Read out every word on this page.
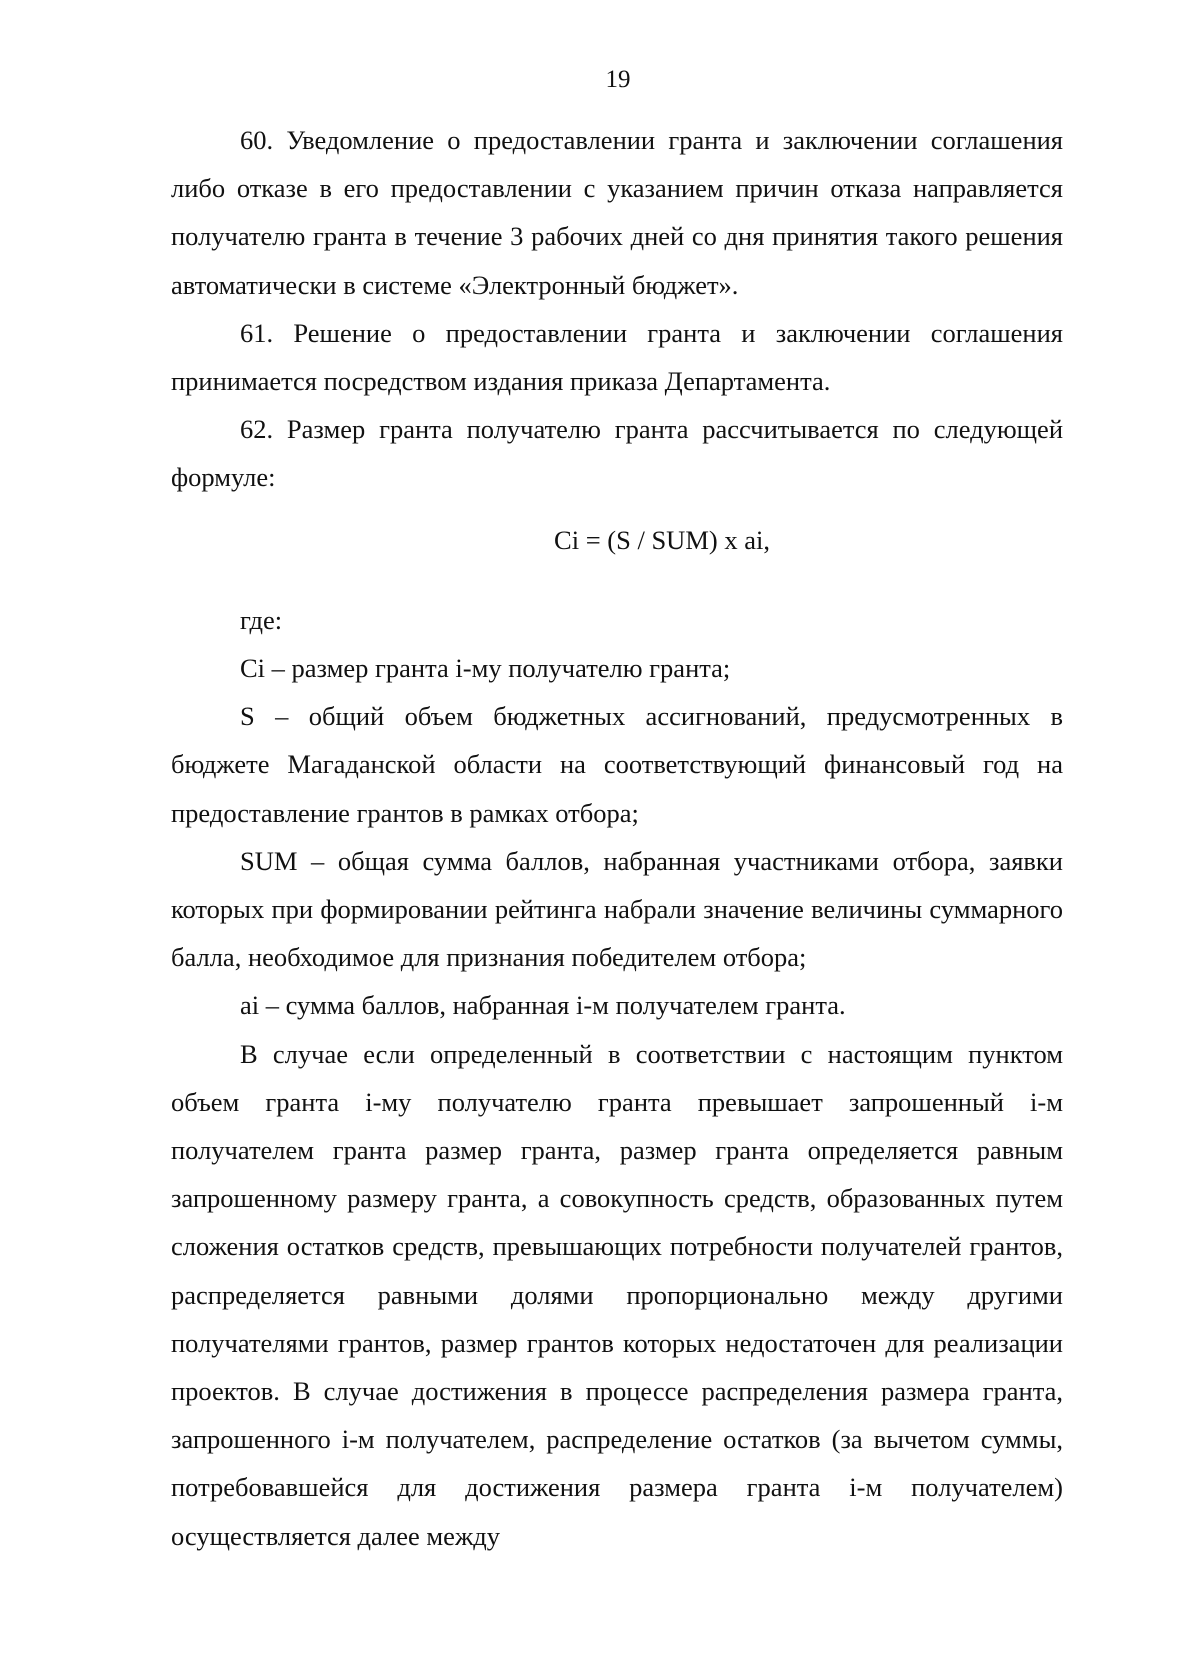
19

60. Уведомление о предоставлении гранта и заключении соглашения либо отказе в его предоставлении с указанием причин отказа направляется получателю гранта в течение 3 рабочих дней со дня принятия такого решения автоматически в системе «Электронный бюджет».

61. Решение о предоставлении гранта и заключении соглашения принимается посредством издания приказа Департамента.

62. Размер гранта получателю гранта рассчитывается по следующей формуле:

Ci = (S / SUM) x ai,

где:

Ci – размер гранта i-му получателю гранта;

S – общий объем бюджетных ассигнований, предусмотренных в бюджете Магаданской области на соответствующий финансовый год на предоставление грантов в рамках отбора;

SUM – общая сумма баллов, набранная участниками отбора, заявки которых при формировании рейтинга набрали значение величины суммарного балла, необходимое для признания победителем отбора;

ai – сумма баллов, набранная i-м получателем гранта.

В случае если определенный в соответствии с настоящим пунктом объем гранта i-му получателю гранта превышает запрошенный i-м получателем гранта размер гранта, размер гранта определяется равным запрошенному размеру гранта, а совокупность средств, образованных путем сложения остатков средств, превышающих потребности получателей грантов, распределяется равными долями пропорционально между другими получателями грантов, размер грантов которых недостаточен для реализации проектов. В случае достижения в процессе распределения размера гранта, запрошенного i-м получателем, распределение остатков (за вычетом суммы, потребовавшейся для достижения размера гранта i-м получателем) осуществляется далее между
